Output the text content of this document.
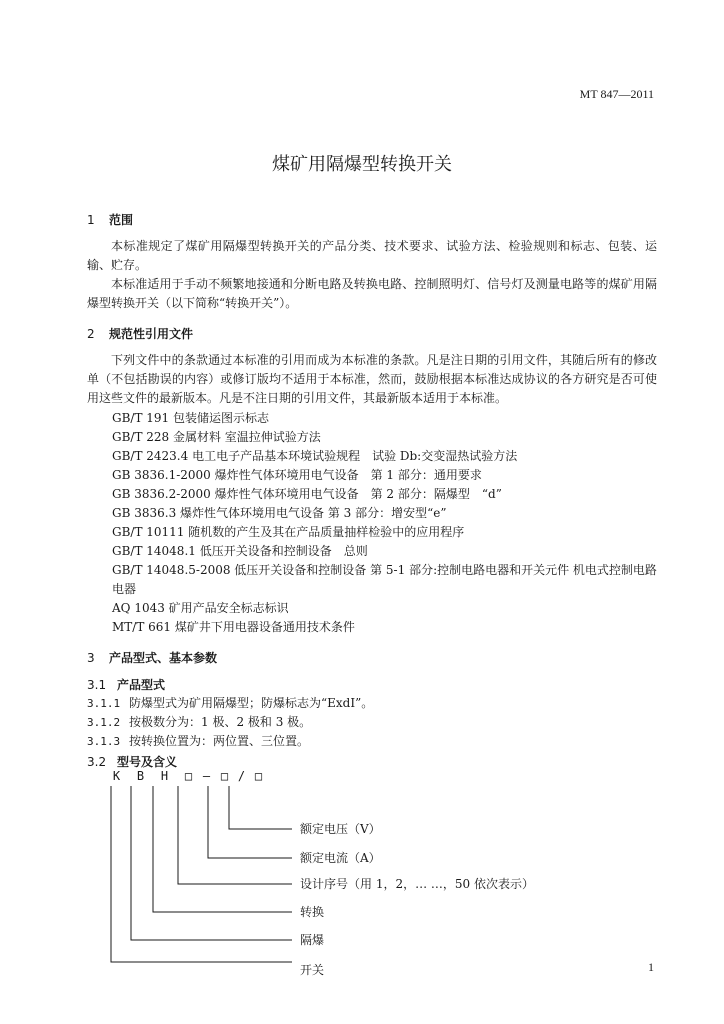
MT 847—2011
煤矿用隔爆型转换开关
1 范围
本标准规定了煤矿用隔爆型转换开关的产品分类、技术要求、试验方法、检验规则和标志、包装、运输、贮存。
本标准适用于手动不频繁地接通和分断电路及转换电路、控制照明灯、信号灯及测量电路等的煤矿用隔爆型转换开关（以下简称“转换开关”）。
2 规范性引用文件
下列文件中的条款通过本标准的引用而成为本标准的条款。凡是注日期的引用文件，其随后所有的修改单（不包括勘误的内容）或修订版均不适用于本标准，然而，鼓励根据本标准达成协议的各方研究是否可使用这些文件的最新版本。凡是不注日期的引用文件，其最新版本适用于本标准。
GB/T 191 包装储运图示标志
GB/T 228 金属材料 室温拉伸试验方法
GB/T 2423.4 电工电子产品基本环境试验规程　试验 Db:交变湿热试验方法
GB 3836.1-2000 爆炸性气体环境用电气设备　第 1 部分：通用要求
GB 3836.2-2000 爆炸性气体环境用电气设备　第 2 部分：隔爆型　“d”
GB 3836.3 爆炸性气体环境用电气设备 第 3 部分：增安型“e”
GB/T 10111 随机数的产生及其在产品质量抽样检验中的应用程序
GB/T 14048.1 低压开关设备和控制设备　总则
GB/T 14048.5-2008 低压开关设备和控制设备 第 5-1 部分:控制电路电器和开关元件 机电式控制电路电器
AQ 1043 矿用产品安全标志标识
MT/T 661 煤矿井下用电器设备通用技术条件
3 产品型式、基本参数
3.1 产品型式
3.1.1 防爆型式为矿用隔爆型；防爆标志为“ExdI”。
3.1.2 按极数分为：1 极、2 极和 3 极。
3.1.3 按转换位置为：两位置、三位置。
3.2 型号及含义
K B H □ – □ / □
额定电压（V）
额定电流（A）
设计序号（用 1，2，… …，50 依次表示）
转换
隔爆
开关	1
